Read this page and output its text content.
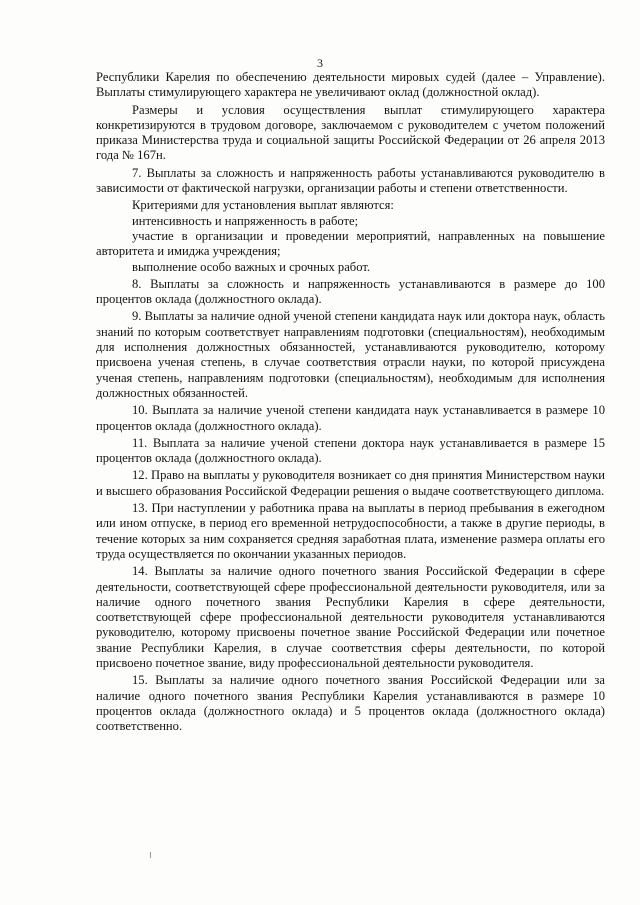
3

Республики Карелия по обеспечению деятельности мировых судей (далее – Управление). Выплаты стимулирующего характера не увеличивают оклад (должностной оклад).

Размеры и условия осуществления выплат стимулирующего характера конкретизируются в трудовом договоре, заключаемом с руководителем с учетом положений приказа Министерства труда и социальной защиты Российской Федерации от 26 апреля 2013 года № 167н.

7. Выплаты за сложность и напряженность работы устанавливаются руководителю в зависимости от фактической нагрузки, организации работы и степени ответственности.

Критериями для установления выплат являются:

интенсивность и напряженность в работе;

участие в организации и проведении мероприятий, направленных на повышение авторитета и имиджа учреждения;

выполнение особо важных и срочных работ.

8. Выплаты за сложность и напряженность устанавливаются в размере до 100 процентов оклада (должностного оклада).

9. Выплаты за наличие одной ученой степени кандидата наук или доктора наук, область знаний по которым соответствует направлениям подготовки (специальностям), необходимым для исполнения должностных обязанностей, устанавливаются руководителю, которому присвоена ученая степень, в случае соответствия отрасли науки, по которой присуждена ученая степень, направлениям подготовки (специальностям), необходимым для исполнения должностных обязанностей.

10. Выплата за наличие ученой степени кандидата наук устанавливается в размере 10 процентов оклада (должностного оклада).

11. Выплата за наличие ученой степени доктора наук устанавливается в размере 15 процентов оклада (должностного оклада).

12. Право на выплаты у руководителя возникает со дня принятия Министерством науки и высшего образования Российской Федерации решения о выдаче соответствующего диплома.

13. При наступлении у работника права на выплаты в период пребывания в ежегодном или ином отпуске, в период его временной нетрудоспособности, а также в другие периоды, в течение которых за ним сохраняется средняя заработная плата, изменение размера оплаты его труда осуществляется по окончании указанных периодов.

14. Выплаты за наличие одного почетного звания Российской Федерации в сфере деятельности, соответствующей сфере профессиональной деятельности руководителя, или за наличие одного почетного звания Республики Карелия в сфере деятельности, соответствующей сфере профессиональной деятельности руководителя устанавливаются руководителю, которому присвоены почетное звание Российской Федерации или почетное звание Республики Карелия, в случае соответствия сферы деятельности, по которой присвоено почетное звание, виду профессиональной деятельности руководителя.

15. Выплаты за наличие одного почетного звания Российской Федерации или за наличие одного почетного звания Республики Карелия устанавливаются в размере 10 процентов оклада (должностного оклада) и 5 процентов оклада (должностного оклада) соответственно.
